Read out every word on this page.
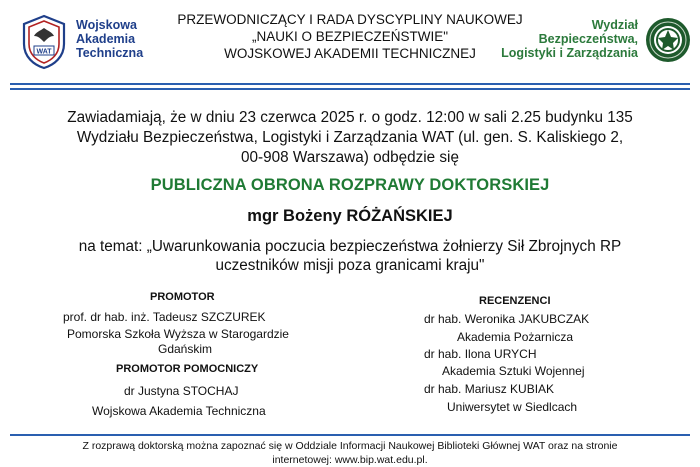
WAT
Wojskowa
Akademia
Techniczna
PRZEWODNICZĄCY I RADA DYSCYPLINY NAUKOWEJ
„NAUKI O BEZPIECZEŃSTWIE"
WOJSKOWEJ AKADEMII TECHNICZNEJ
Wydział
Bezpieczeństwa,
Logistyki i Zarządzania
Zawiadamiają, że w dniu 23 czerwca 2025 r. o godz. 12:00 w sali 2.25 budynku 135
Wydziału Bezpieczeństwa, Logistyki i Zarządzania WAT (ul. gen. S. Kaliskiego 2,
00-908 Warszawa) odbędzie się
PUBLICZNA OBRONA ROZPRAWY DOKTORSKIEJ
mgr Bożeny RÓŻAŃSKIEJ
na temat: „Uwarunkowania poczucia bezpieczeństwa żołnierzy Sił Zbrojnych RP
uczestników misji poza granicami kraju"
PROMOTOR
prof. dr hab. inż. Tadeusz SZCZUREK
Pomorska Szkoła Wyższa w Starogardzie
Gdańskim
PROMOTOR POMOCNICZY
dr Justyna STOCHAJ
Wojskowa Akademia Techniczna
RECENZENCI
dr hab. Weronika JAKUBCZAK
Akademia Pożarnicza
dr hab. Ilona URYCH
Akademia Sztuki Wojennej
dr hab. Mariusz KUBIAK
Uniwersytet w Siedlcach
Z rozprawą doktorską można zapoznać się w Oddziale Informacji Naukowej Biblioteki Głównej WAT oraz na stronie
internetowej: www.bip.wat.edu.pl.
